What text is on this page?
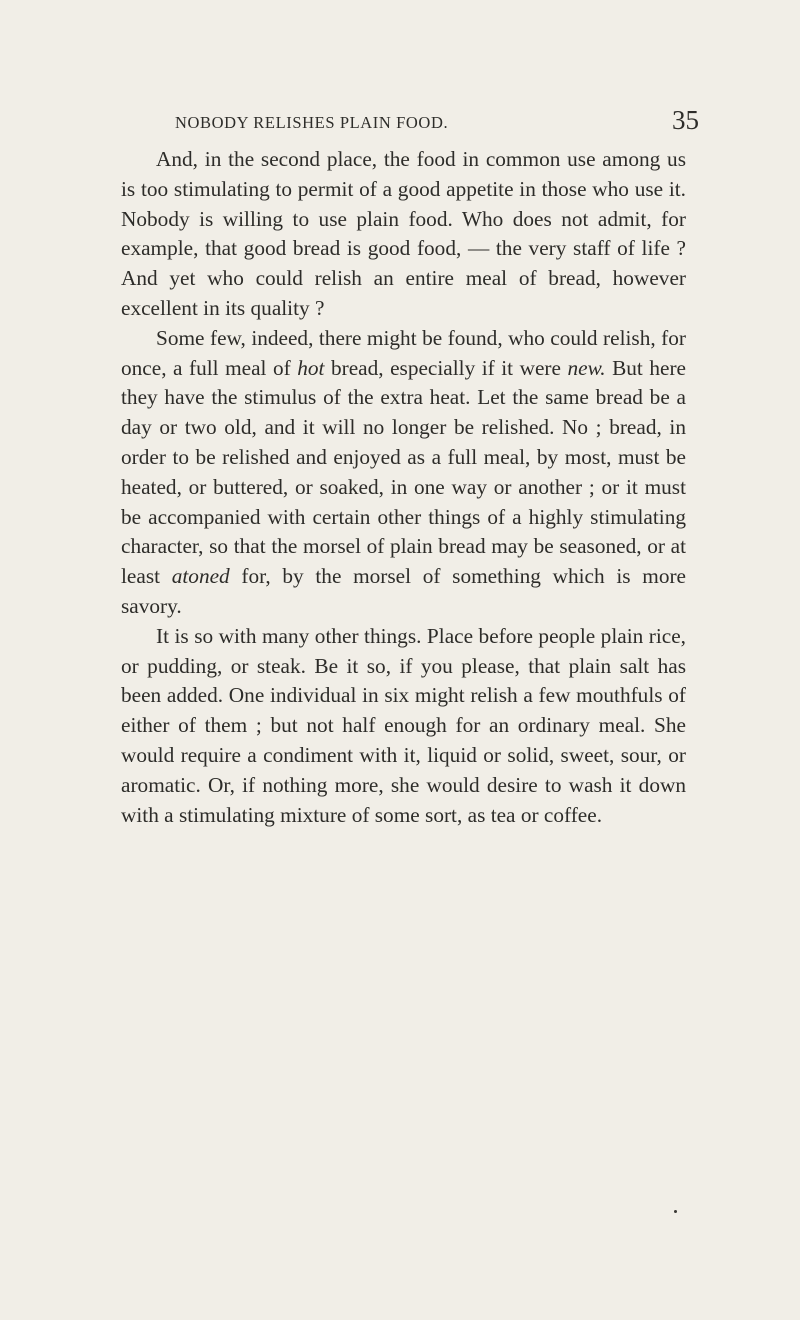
NOBODY RELISHES PLAIN FOOD.	35

And, in the second place, the food in common use among us is too stimulating to permit of a good appetite in those who use it. Nobody is willing to use plain food. Who does not admit, for example, that good bread is good food, — the very staff of life ? And yet who could relish an entire meal of bread, however excellent in its quality ?

Some few, indeed, there might be found, who could relish, for once, a full meal of hot bread, especially if it were new. But here they have the stimulus of the extra heat. Let the same bread be a day or two old, and it will no longer be relished. No ; bread, in order to be relished and enjoyed as a full meal, by most, must be heated, or buttered, or soaked, in one way or another ; or it must be accompanied with certain other things of a highly stimulating character, so that the morsel of plain bread may be seasoned, or at least atoned for, by the morsel of something which is more savory.

It is so with many other things. Place before people plain rice, or pudding, or steak. Be it so, if you please, that plain salt has been added. One individual in six might relish a few mouthfuls of either of them ; but not half enough for an ordinary meal. She would require a condiment with it, liquid or solid, sweet, sour, or aromatic. Or, if nothing more, she would desire to wash it down with a stimulating mixture of some sort, as tea or coffee.
